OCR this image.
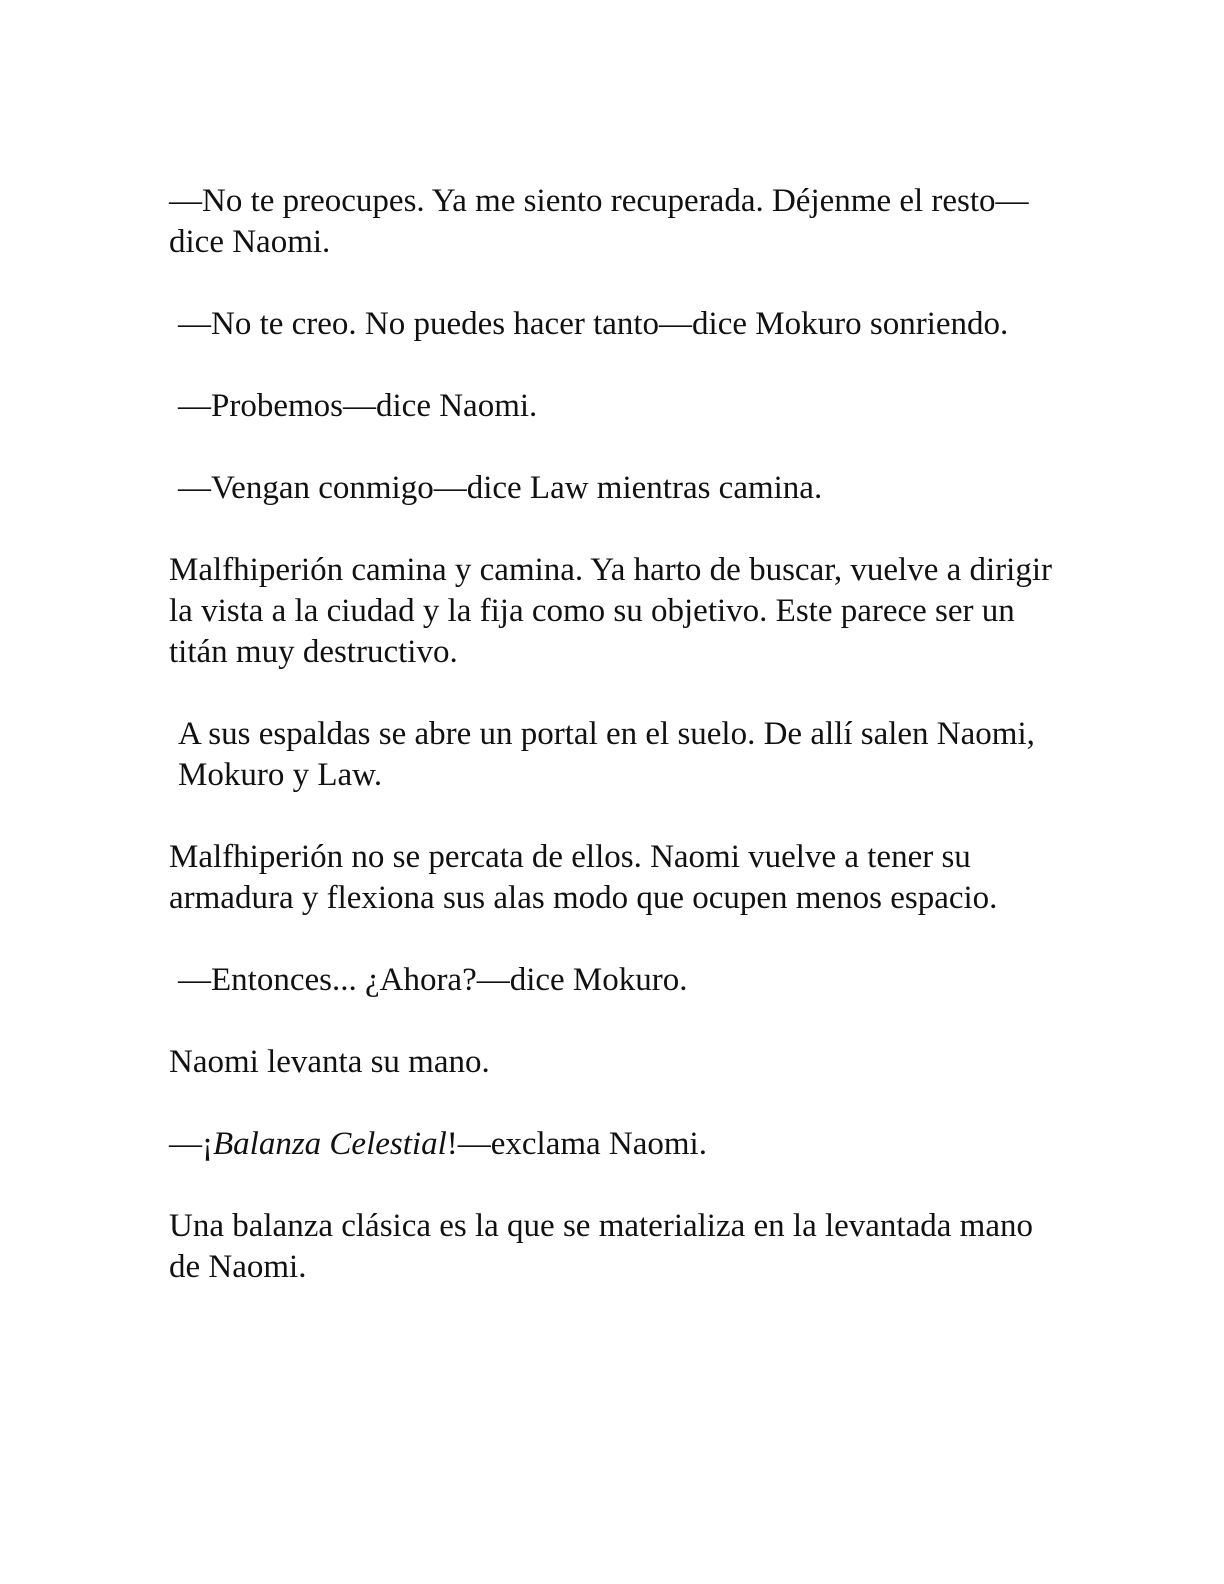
—No te preocupes. Ya me siento recuperada. Déjenme el resto—dice Naomi.

—No te creo. No puedes hacer tanto—dice Mokuro sonriendo.

—Probemos—dice Naomi.

—Vengan conmigo—dice Law mientras camina.

Malfhiperión camina y camina. Ya harto de buscar, vuelve a dirigir la vista a la ciudad y la fija como su objetivo. Este parece ser un titán muy destructivo.

A sus espaldas se abre un portal en el suelo. De allí salen Naomi, Mokuro y Law.

Malfhiperión no se percata de ellos. Naomi vuelve a tener su armadura y flexiona sus alas modo que ocupen menos espacio.

—Entonces... ¿Ahora?—dice Mokuro.

Naomi levanta su mano.

—¡Balanza Celestial!—exclama Naomi.

Una balanza clásica es la que se materializa en la levantada mano de Naomi.
